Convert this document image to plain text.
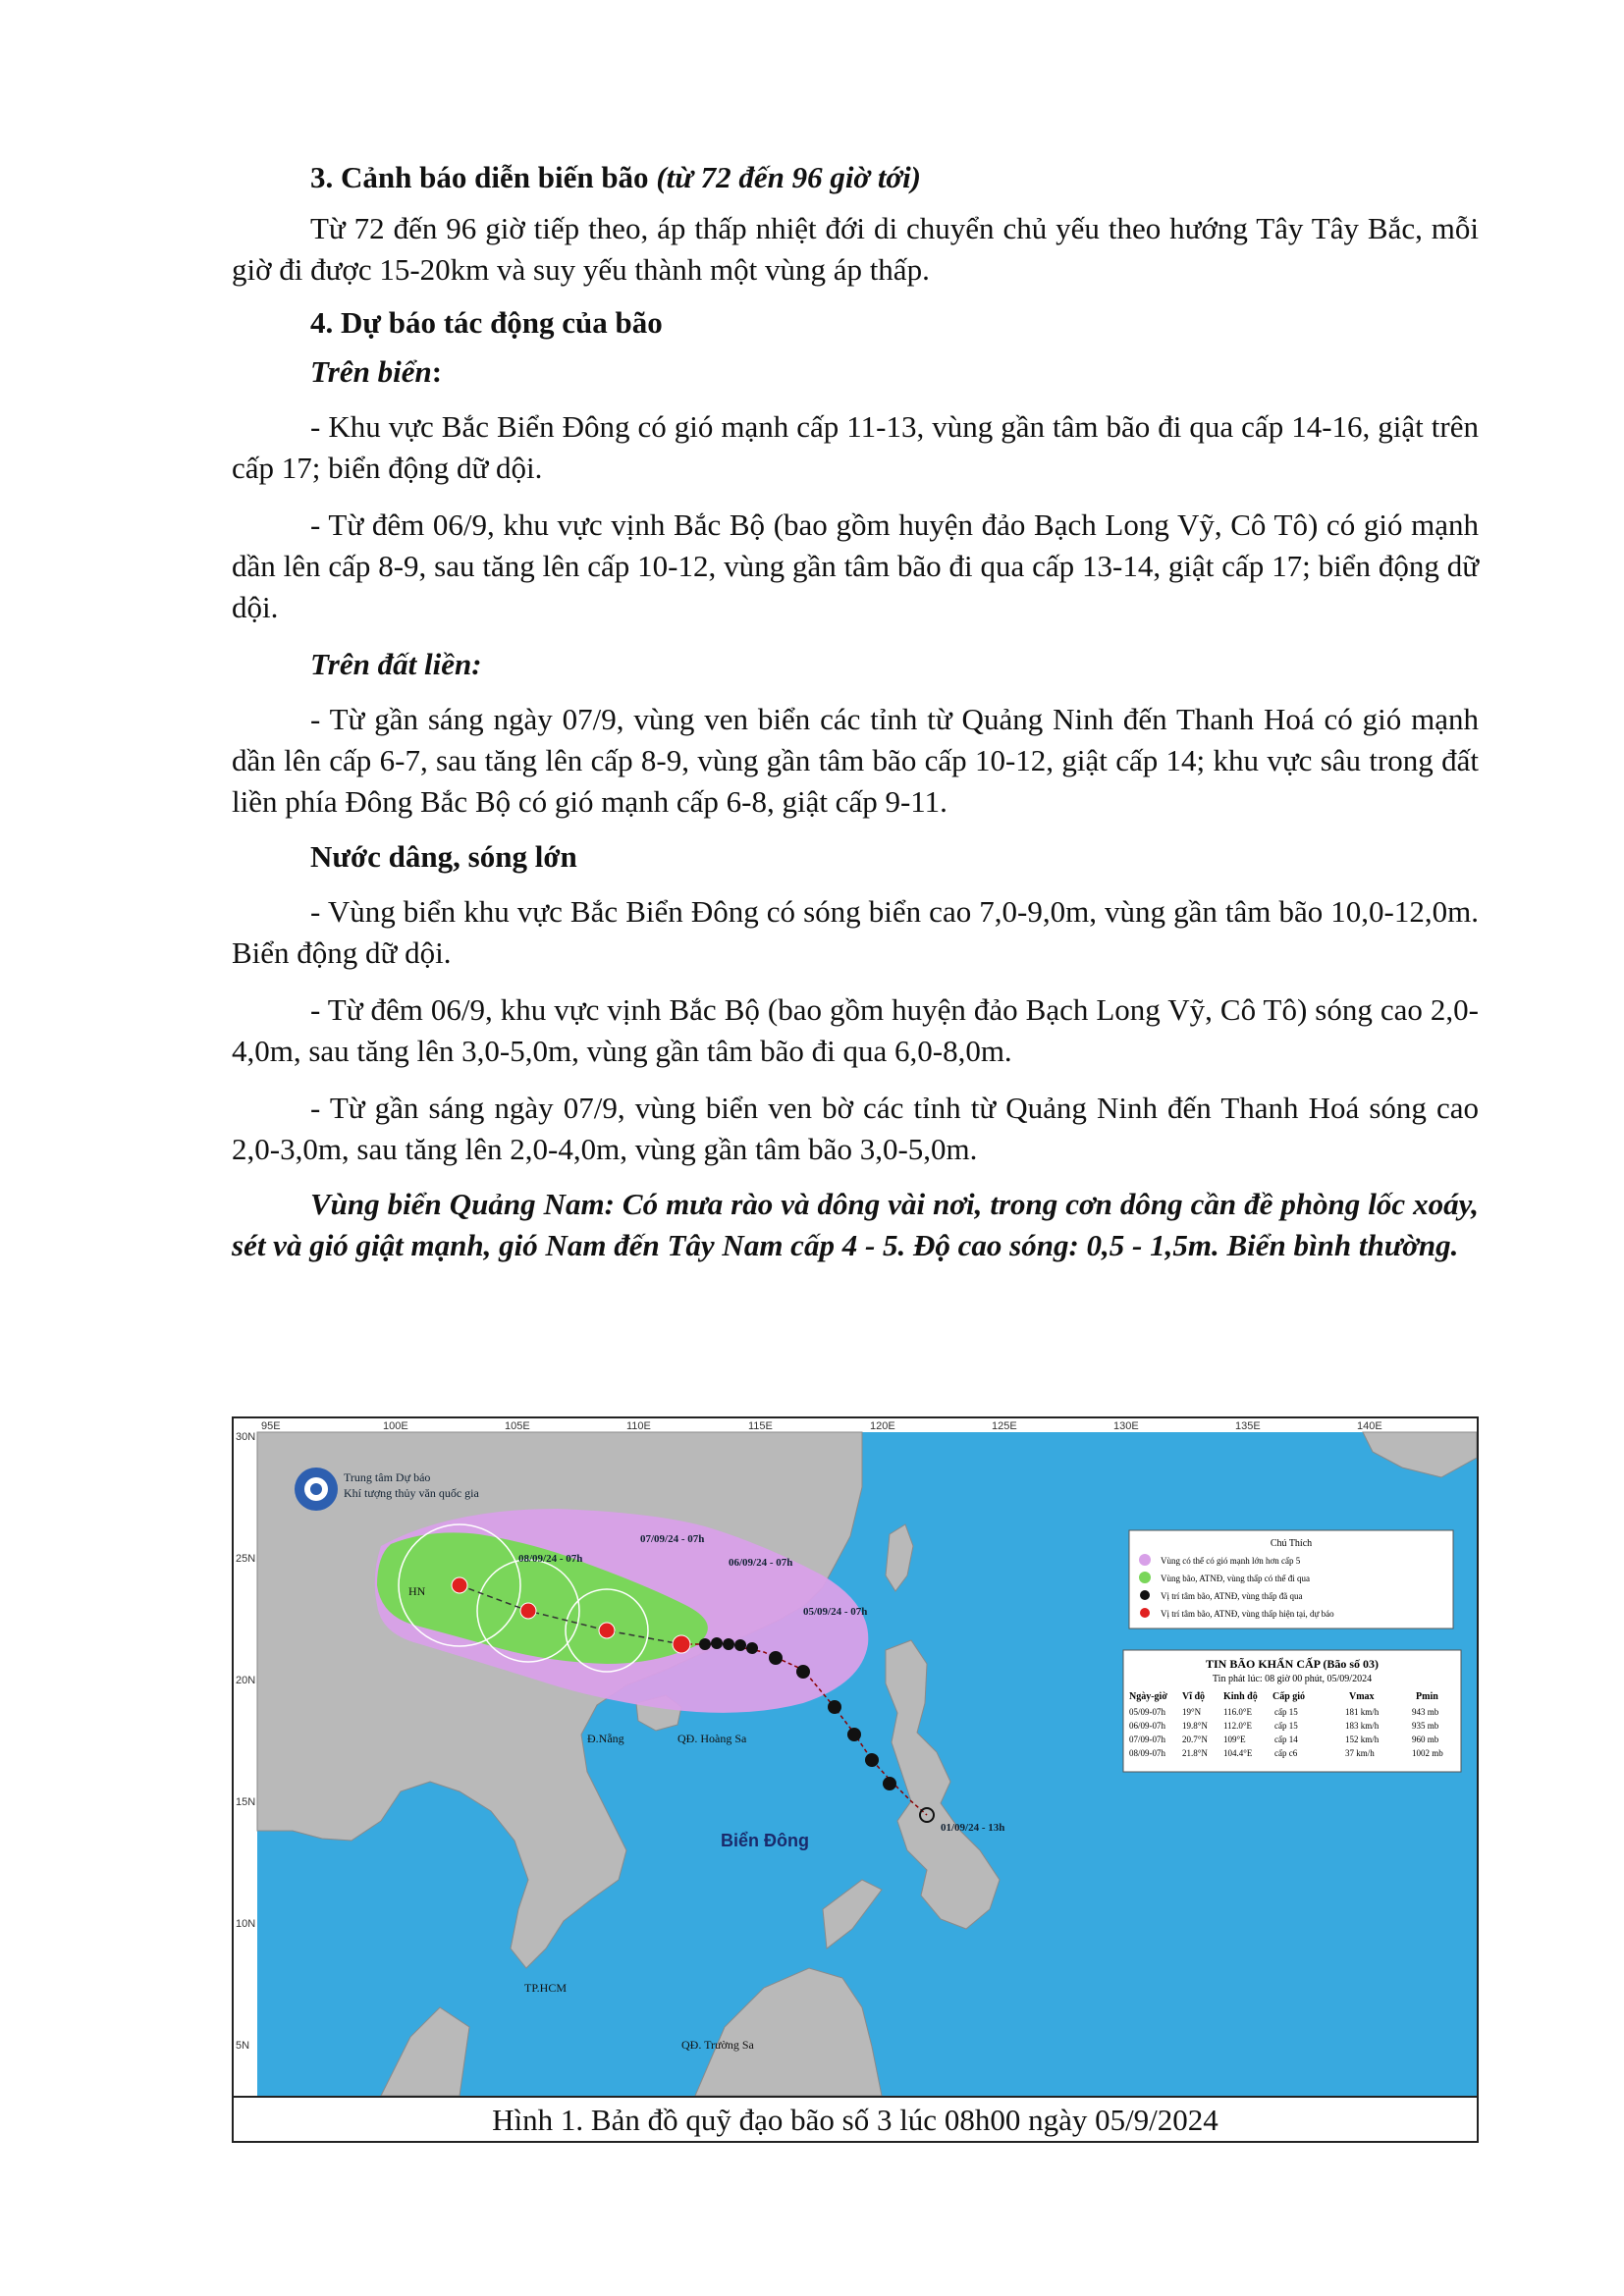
3. Cảnh báo diễn biến bão (từ 72 đến 96 giờ tới)

Từ 72 đến 96 giờ tiếp theo, áp thấp nhiệt đới di chuyển chủ yếu theo hướng Tây Tây Bắc, mỗi giờ đi được 15-20km và suy yếu thành một vùng áp thấp.

4. Dự báo tác động của bão

Trên biển:

- Khu vực Bắc Biển Đông có gió mạnh cấp 11-13, vùng gần tâm bão đi qua cấp 14-16, giật trên cấp 17; biển động dữ dội.

- Từ đêm 06/9, khu vực vịnh Bắc Bộ (bao gồm huyện đảo Bạch Long Vỹ, Cô Tô) có gió mạnh dần lên cấp 8-9, sau tăng lên cấp 10-12, vùng gần tâm bão đi qua cấp 13-14, giật cấp 17; biển động dữ dội.

Trên đất liền:

- Từ gần sáng ngày 07/9, vùng ven biển các tỉnh từ Quảng Ninh đến Thanh Hoá có gió mạnh dần lên cấp 6-7, sau tăng lên cấp 8-9, vùng gần tâm bão cấp 10-12, giật cấp 14; khu vực sâu trong đất liền phía Đông Bắc Bộ có gió mạnh cấp 6-8, giật cấp 9-11.

Nước dâng, sóng lớn

- Vùng biển khu vực Bắc Biển Đông có sóng biển cao 7,0-9,0m, vùng gần tâm bão 10,0-12,0m. Biển động dữ dội.

- Từ đêm 06/9, khu vực vịnh Bắc Bộ (bao gồm huyện đảo Bạch Long Vỹ, Cô Tô) sóng cao 2,0-4,0m, sau tăng lên 3,0-5,0m, vùng gần tâm bão đi qua 6,0-8,0m.

- Từ gần sáng ngày 07/9, vùng biển ven bờ các tỉnh từ Quảng Ninh đến Thanh Hoá sóng cao 2,0-3,0m, sau tăng lên 2,0-4,0m, vùng gần tâm bão 3,0-5,0m.

Vùng biển Quảng Nam: Có mưa rào và dông vài nơi, trong cơn dông cần đề phòng lốc xoáy, sét và gió giật mạnh, gió Nam đến Tây Nam cấp 4 - 5. Độ cao sóng: 0,5 - 1,5m. Biển bình thường.

95E	100E	105E	110E	115E	120E	125E	130E	135E	140E
30N
25N
20N
15N
10N
5N
Trung tâm Dự báo
Khí tượng thủy văn quốc gia
08/09/24 - 07h
07/09/24 - 07h
06/09/24 - 07h
05/09/24 - 07h
01/09/24 - 13h
HN
Đ.Nẵng	QĐ. Hoàng Sa
TP.HCM
QĐ. Trường Sa
Biển Đông
Chú Thích
Vùng có thể có gió mạnh lớn hơn cấp 5
Vùng bão, ATNĐ, vùng thấp có thể đi qua
Vị trí tâm bão, ATNĐ, vùng thấp đã qua
Vị trí tâm bão, ATNĐ, vùng thấp hiện tại, dự báo
TIN BÃO KHẨN CẤP (Bão số 03)
Tin phát lúc: 08 giờ 00 phút, 05/09/2024
Ngày-giờ Vĩ độ Kinh độ Cấp gió	Vmax	Pmin
05/09-07h 19°N	116.0°E	cấp 15	181 km/h	943 mb
06/09-07h 19.8°N 112.0°E	cấp 15	183 km/h	935 mb
07/09-07h 20.7°N 109°E	cấp 14	152 km/h	960 mb
08/09-07h 21.8°N 104.4°E	cấp c6	37 km/h	1002 mb
Hình 1. Bản đồ quỹ đạo bão số 3 lúc 08h00 ngày 05/9/2024
